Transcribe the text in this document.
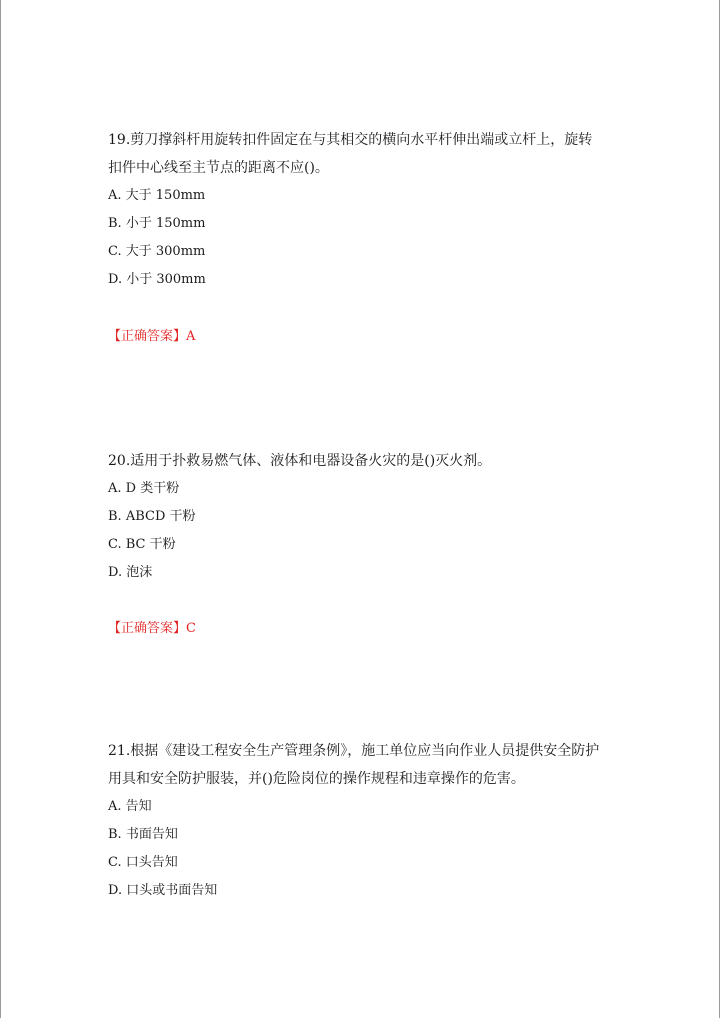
19.剪刀撑斜杆用旋转扣件固定在与其相交的横向水平杆伸出端或立杆上，旋转

扣件中心线至主节点的距离不应()。

A. 大于 150mm

B. 小于 150mm

C. 大于 300mm

D. 小于 300mm

【正确答案】A

20.适用于扑救易燃气体、液体和电器设备火灾的是()灭火剂。

A. D 类干粉

B. ABCD 干粉

C. BC 干粉

D. 泡沫

【正确答案】C

21.根据《建设工程安全生产管理条例》，施工单位应当向作业人员提供安全防护

用具和安全防护服装，并()危险岗位的操作规程和违章操作的危害。

A. 告知

B. 书面告知

C. 口头告知

D. 口头或书面告知
